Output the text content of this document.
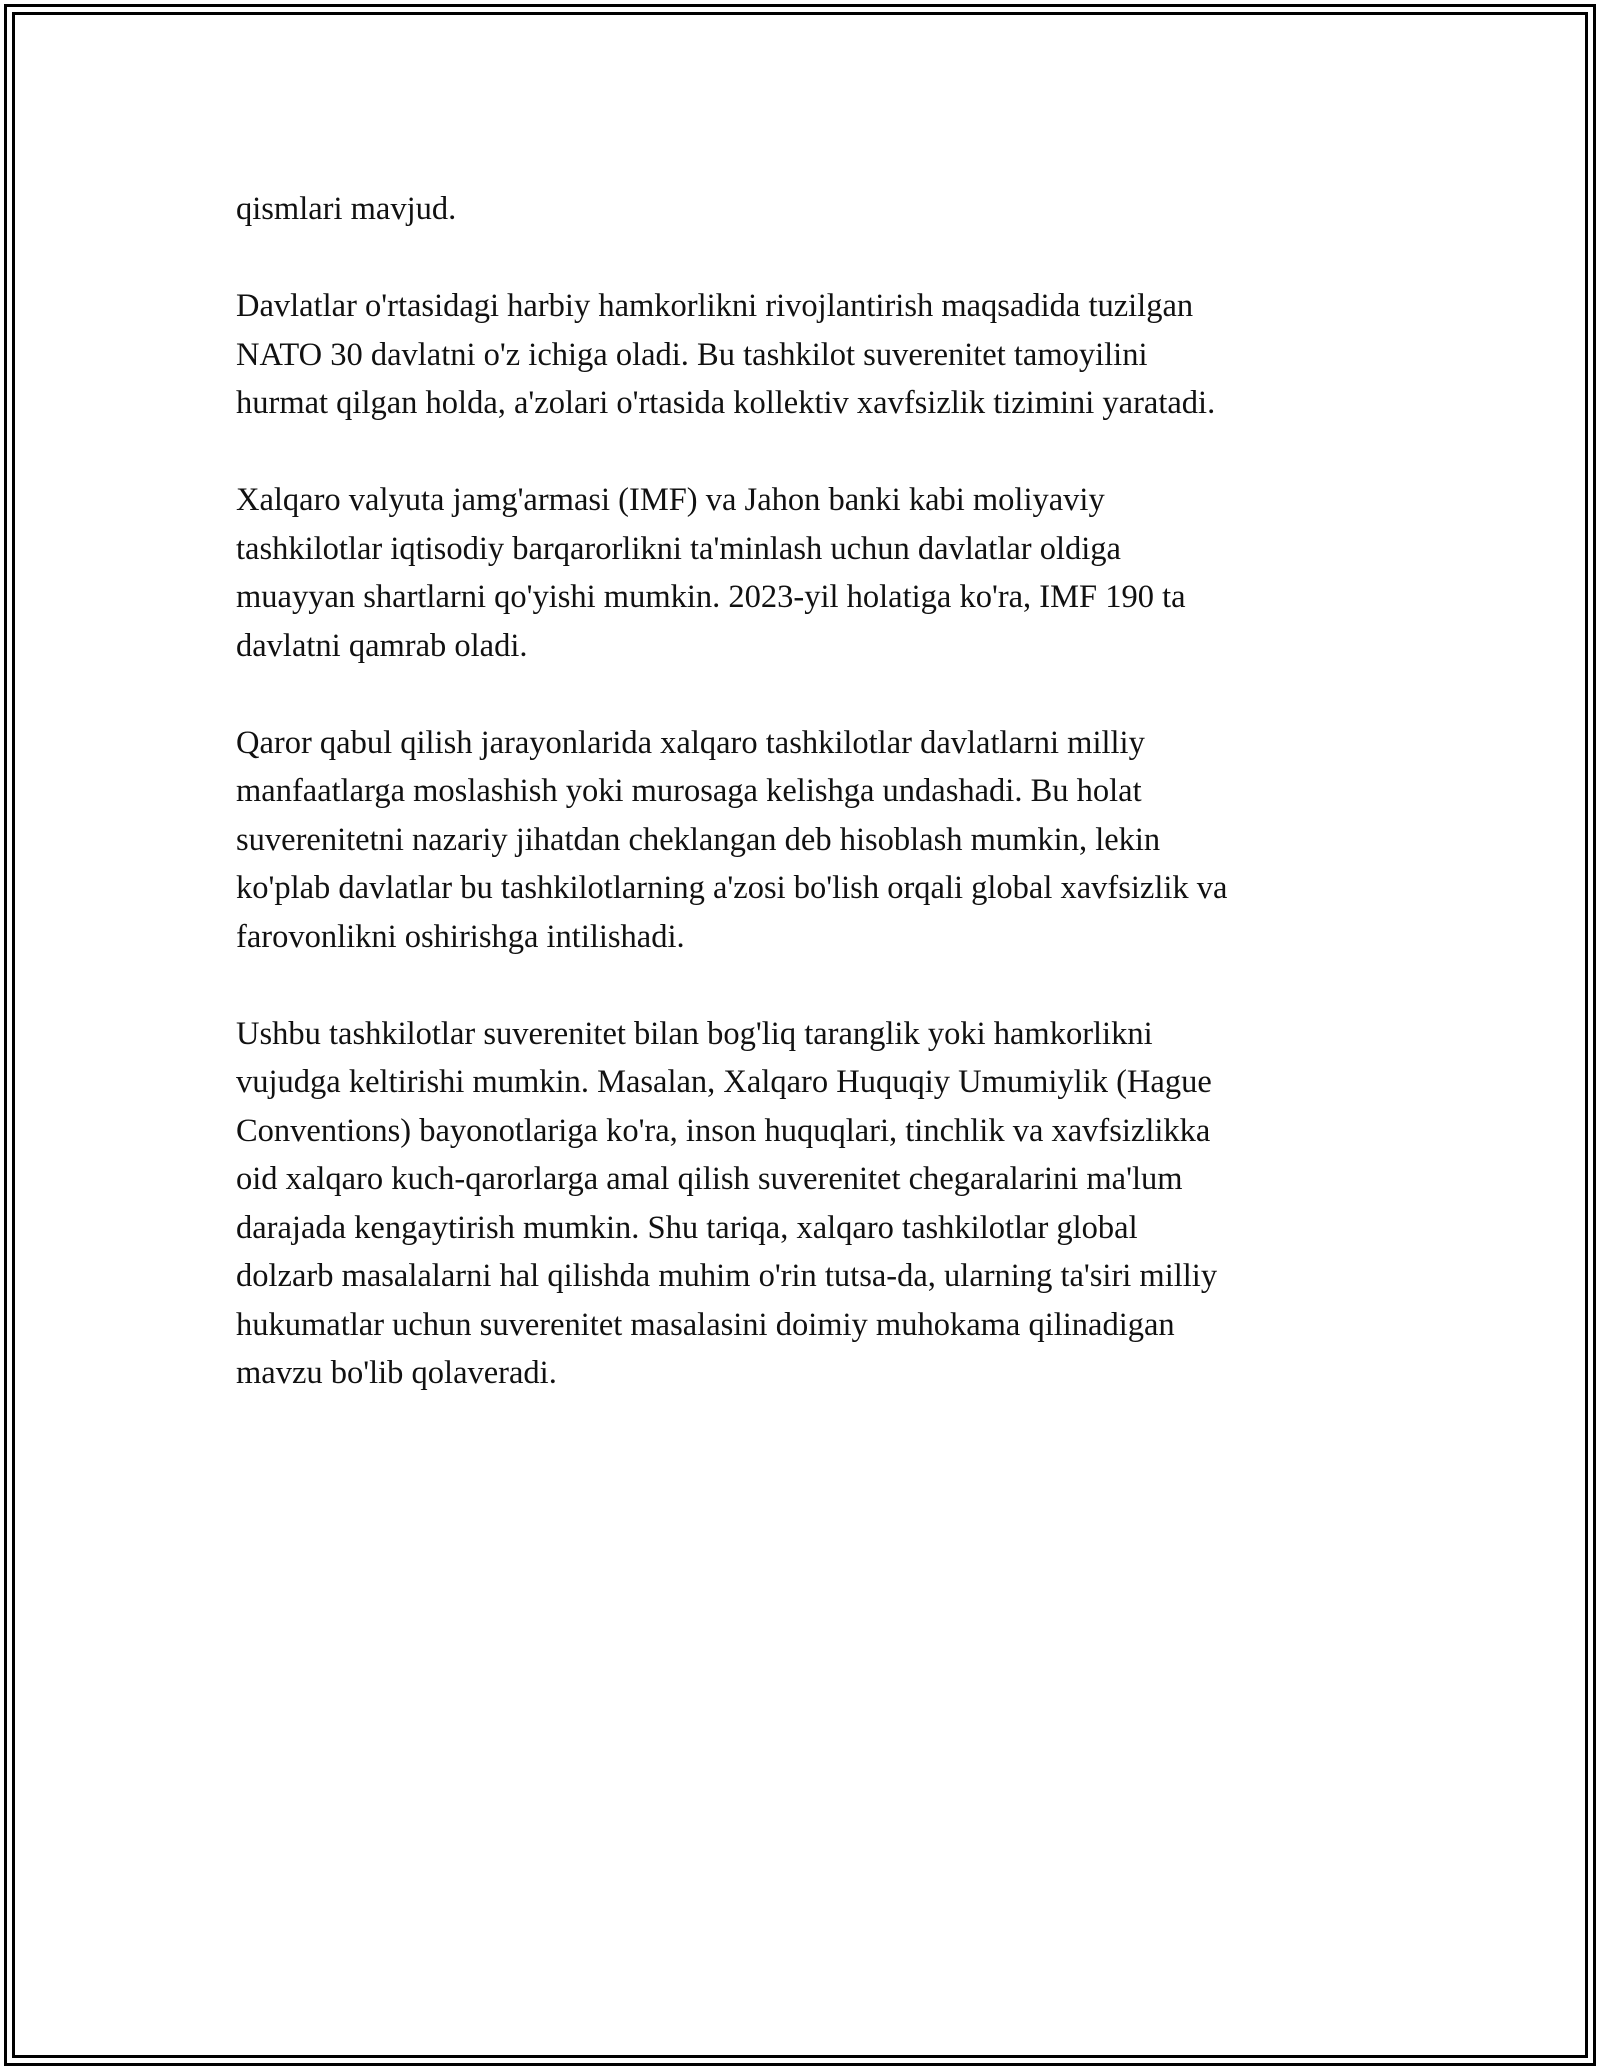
qismlari mavjud.

Davlatlar o'rtasidagi harbiy hamkorlikni rivojlantirish maqsadida tuzilgan
NATO 30 davlatni o'z ichiga oladi. Bu tashkilot suverenitet tamoyilini
hurmat qilgan holda, a'zolari o'rtasida kollektiv xavfsizlik tizimini yaratadi.

Xalqaro valyuta jamg'armasi (IMF) va Jahon banki kabi moliyaviy
tashkilotlar iqtisodiy barqarorlikni ta'minlash uchun davlatlar oldiga
muayyan shartlarni qo'yishi mumkin. 2023-yil holatiga ko'ra, IMF 190 ta
davlatni qamrab oladi.

Qaror qabul qilish jarayonlarida xalqaro tashkilotlar davlatlarni milliy
manfaatlarga moslashish yoki murosaga kelishga undashadi. Bu holat
suverenitetni nazariy jihatdan cheklangan deb hisoblash mumkin, lekin
ko'plab davlatlar bu tashkilotlarning a'zosi bo'lish orqali global xavfsizlik va
farovonlikni oshirishga intilishadi.

Ushbu tashkilotlar suverenitet bilan bog'liq taranglik yoki hamkorlikni
vujudga keltirishi mumkin. Masalan, Xalqaro Huquqiy Umumiylik (Hague
Conventions) bayonotlariga ko'ra, inson huquqlari, tinchlik va xavfsizlikka
oid xalqaro kuch-qarorlarga amal qilish suverenitet chegaralarini ma'lum
darajada kengaytirish mumkin. Shu tariqa, xalqaro tashkilotlar global
dolzarb masalalarni hal qilishda muhim o'rin tutsa-da, ularning ta'siri milliy
hukumatlar uchun suverenitet masalasini doimiy muhokama qilinadigan
mavzu bo'lib qolaveradi.
